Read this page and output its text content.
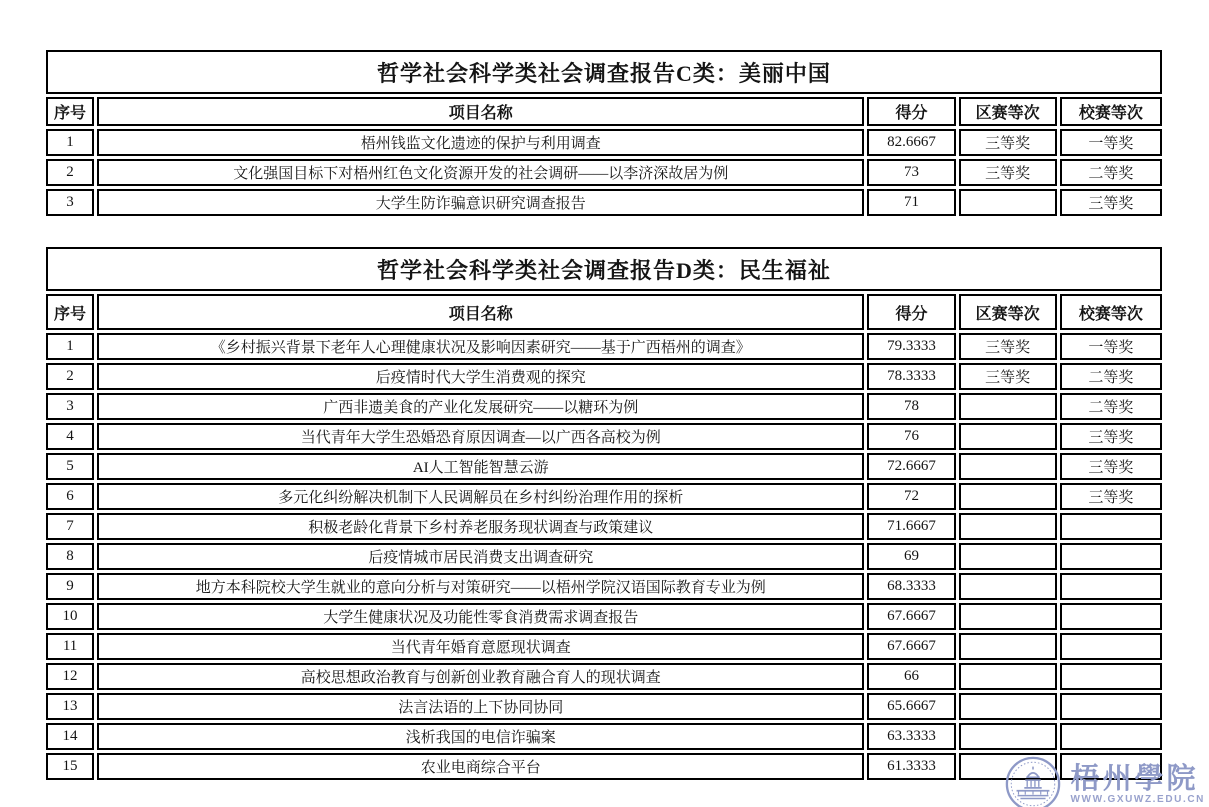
哲学社会科学类社会调查报告C类：美丽中国				
序号	项目名称	得分	区赛等次	校赛等次
1	梧州钱监文化遗迹的保护与利用调查	82.6667	三等奖	一等奖
2	文化强国目标下对梧州红色文化资源开发的社会调研——以李济深故居为例	73	三等奖	二等奖
3	大学生防诈骗意识研究调查报告	71		三等奖
哲学社会科学类社会调查报告D类：民生福祉				
序号	项目名称	得分	区赛等次	校赛等次
1	《乡村振兴背景下老年人心理健康状况及影响因素研究——基于广西梧州的调查》	79.3333	三等奖	一等奖
2	后疫情时代大学生消费观的探究	78.3333	三等奖	二等奖
3	广西非遗美食的产业化发展研究——以糖环为例	78		二等奖
4	当代青年大学生恐婚恐育原因调查—以广西各高校为例	76		三等奖
5	AI人工智能智慧云游	72.6667		三等奖
6	多元化纠纷解决机制下人民调解员在乡村纠纷治理作用的探析	72		三等奖
7	积极老龄化背景下乡村养老服务现状调查与政策建议	71.6667		
8	后疫情城市居民消费支出调查研究	69		
9	地方本科院校大学生就业的意向分析与对策研究——以梧州学院汉语国际教育专业为例	68.3333		
10	大学生健康状况及功能性零食消费需求调查报告	67.6667		
11	当代青年婚育意愿现状调查	67.6667		
12	高校思想政治教育与创新创业教育融合育人的现状调查	66		
13	法言法语的上下协同协同	65.6667		
14	浅析我国的电信诈骗案	63.3333		
15	农业电商综合平台	61.3333			梧州學院
WWW.GXUWZ.EDU.CN
